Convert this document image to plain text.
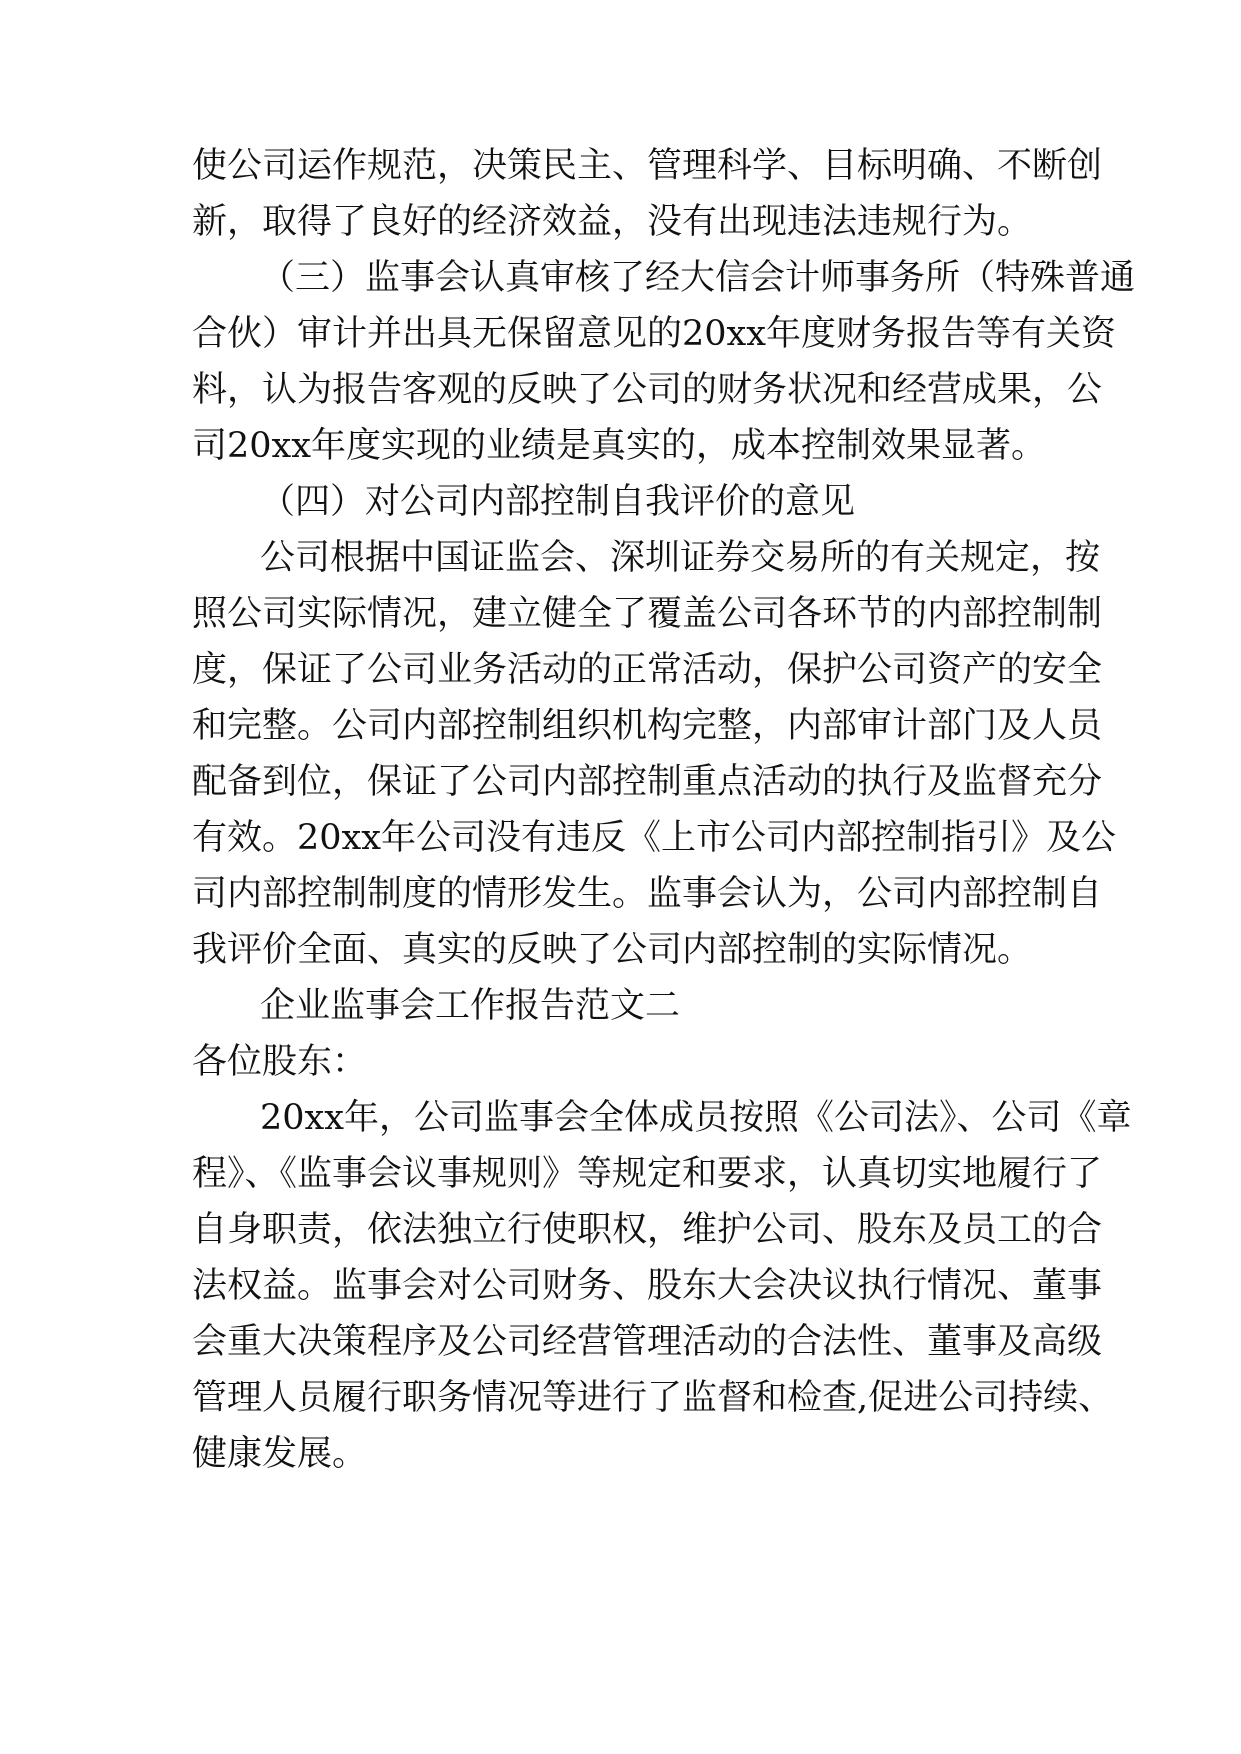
使公司运作规范，决策民主、管理科学、目标明确、不断创
新，取得了良好的经济效益，没有出现违法违规行为。
（三）监事会认真审核了经大信会计师事务所（特殊普通
合伙）审计并出具无保留意见的20xx年度财务报告等有关资
料，认为报告客观的反映了公司的财务状况和经营成果，公
司20xx年度实现的业绩是真实的，成本控制效果显著。
（四）对公司内部控制自我评价的意见
公司根据中国证监会、深圳证券交易所的有关规定，按
照公司实际情况，建立健全了覆盖公司各环节的内部控制制
度，保证了公司业务活动的正常活动，保护公司资产的安全
和完整。公司内部控制组织机构完整，内部审计部门及人员
配备到位，保证了公司内部控制重点活动的执行及监督充分
有效。20xx年公司没有违反《上市公司内部控制指引》及公
司内部控制制度的情形发生。监事会认为，公司内部控制自
我评价全面、真实的反映了公司内部控制的实际情况。
企业监事会工作报告范文二
各位股东：
20xx年，公司监事会全体成员按照《公司法》、公司《章
程》、《监事会议事规则》等规定和要求，认真切实地履行了
自身职责，依法独立行使职权，维护公司、股东及员工的合
法权益。监事会对公司财务、股东大会决议执行情况、董事
会重大决策程序及公司经营管理活动的合法性、董事及高级
管理人员履行职务情况等进行了监督和检查,促进公司持续、
健康发展。
